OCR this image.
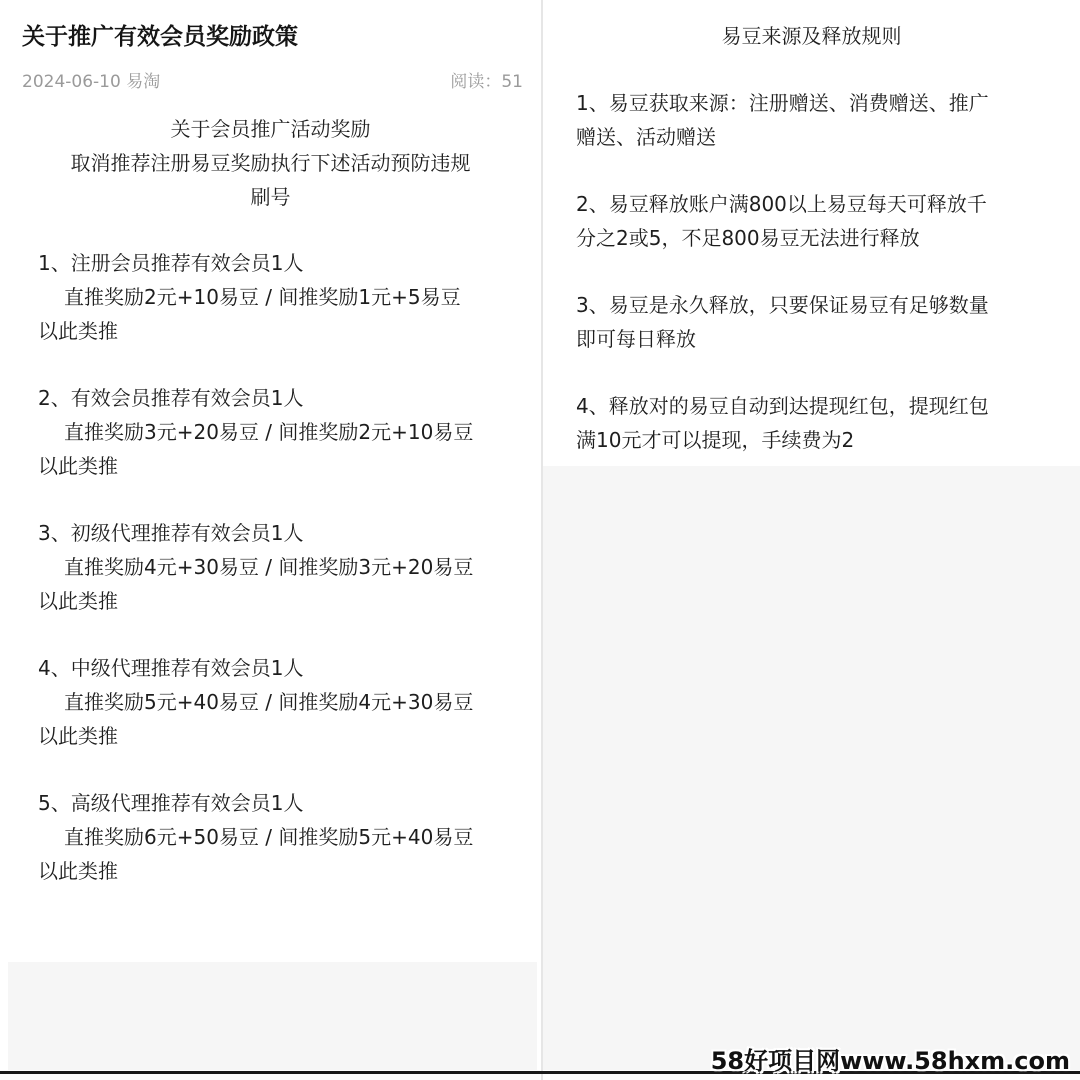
关于推广有效会员奖励政策
2024-06-10 易淘	阅读：51
关于会员推广活动奖励
取消推荐注册易豆奖励执行下述活动预防违规
刷号
1、注册会员推荐有效会员1人
直推奖励2元+10易豆 / 间推奖励1元+5易豆
以此类推
2、有效会员推荐有效会员1人
直推奖励3元+20易豆 / 间推奖励2元+10易豆
以此类推
3、初级代理推荐有效会员1人
直推奖励4元+30易豆 / 间推奖励3元+20易豆
以此类推
4、中级代理推荐有效会员1人
直推奖励5元+40易豆 / 间推奖励4元+30易豆
以此类推
5、高级代理推荐有效会员1人
直推奖励6元+50易豆 / 间推奖励5元+40易豆
以此类推
易豆来源及释放规则
1、易豆获取来源：注册赠送、消费赠送、推广
赠送、活动赠送
2、易豆释放账户满800以上易豆每天可释放千
分之2或5，不足800易豆无法进行释放
3、易豆是永久释放，只要保证易豆有足够数量
即可每日释放
4、释放对的易豆自动到达提现红包，提现红包
满10元才可以提现，手续费为2
58好项目网www.58hxm.com
